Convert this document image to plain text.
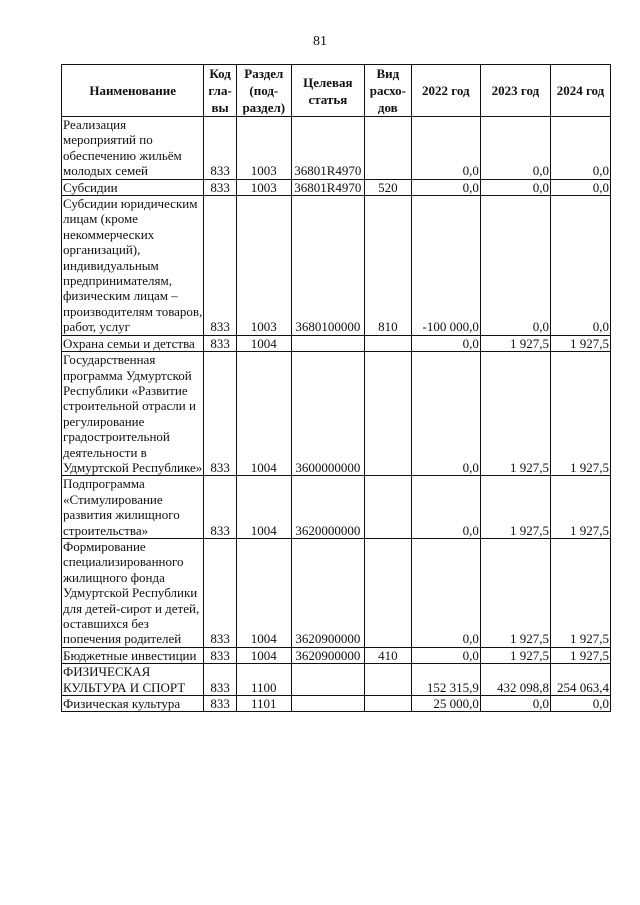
81
Наименование	Код гла-вы	Раздел (под-раздел)	Целевая статья	Вид расхо-дов	2022 год	2023 год	2024 год
Реализация мероприятий по обеспечению жильём молодых семей	833	1003	36801R4970		0,0	0,0	0,0
Субсидии	833	1003	36801R4970	520	0,0	0,0	0,0
Субсидии юридическим лицам (кроме некоммерческих организаций), индивидуальным предпринимателям, физическим лицам – производителям товаров, работ, услуг	833	1003	3680100000	810	-100 000,0	0,0	0,0
Охрана семьи и детства	833	1004			0,0	1 927,5	1 927,5
Государственная программа Удмуртской Республики «Развитие строительной отрасли и регулирование градостроительной деятельности в Удмуртской Республике»	833	1004	3600000000		0,0	1 927,5	1 927,5
Подпрограмма «Стимулирование развития жилищного строительства»	833	1004	3620000000		0,0	1 927,5	1 927,5
Формирование специализированного жилищного фонда Удмуртской Республики для детей-сирот и детей, оставшихся без попечения родителей	833	1004	3620900000		0,0	1 927,5	1 927,5
Бюджетные инвестиции	833	1004	3620900000	410	0,0	1 927,5	1 927,5
ФИЗИЧЕСКАЯ КУЛЬТУРА И СПОРТ	833	1100			152 315,9	432 098,8	254 063,4
Физическая культура	833	1101			25 000,0	0,0	0,0
